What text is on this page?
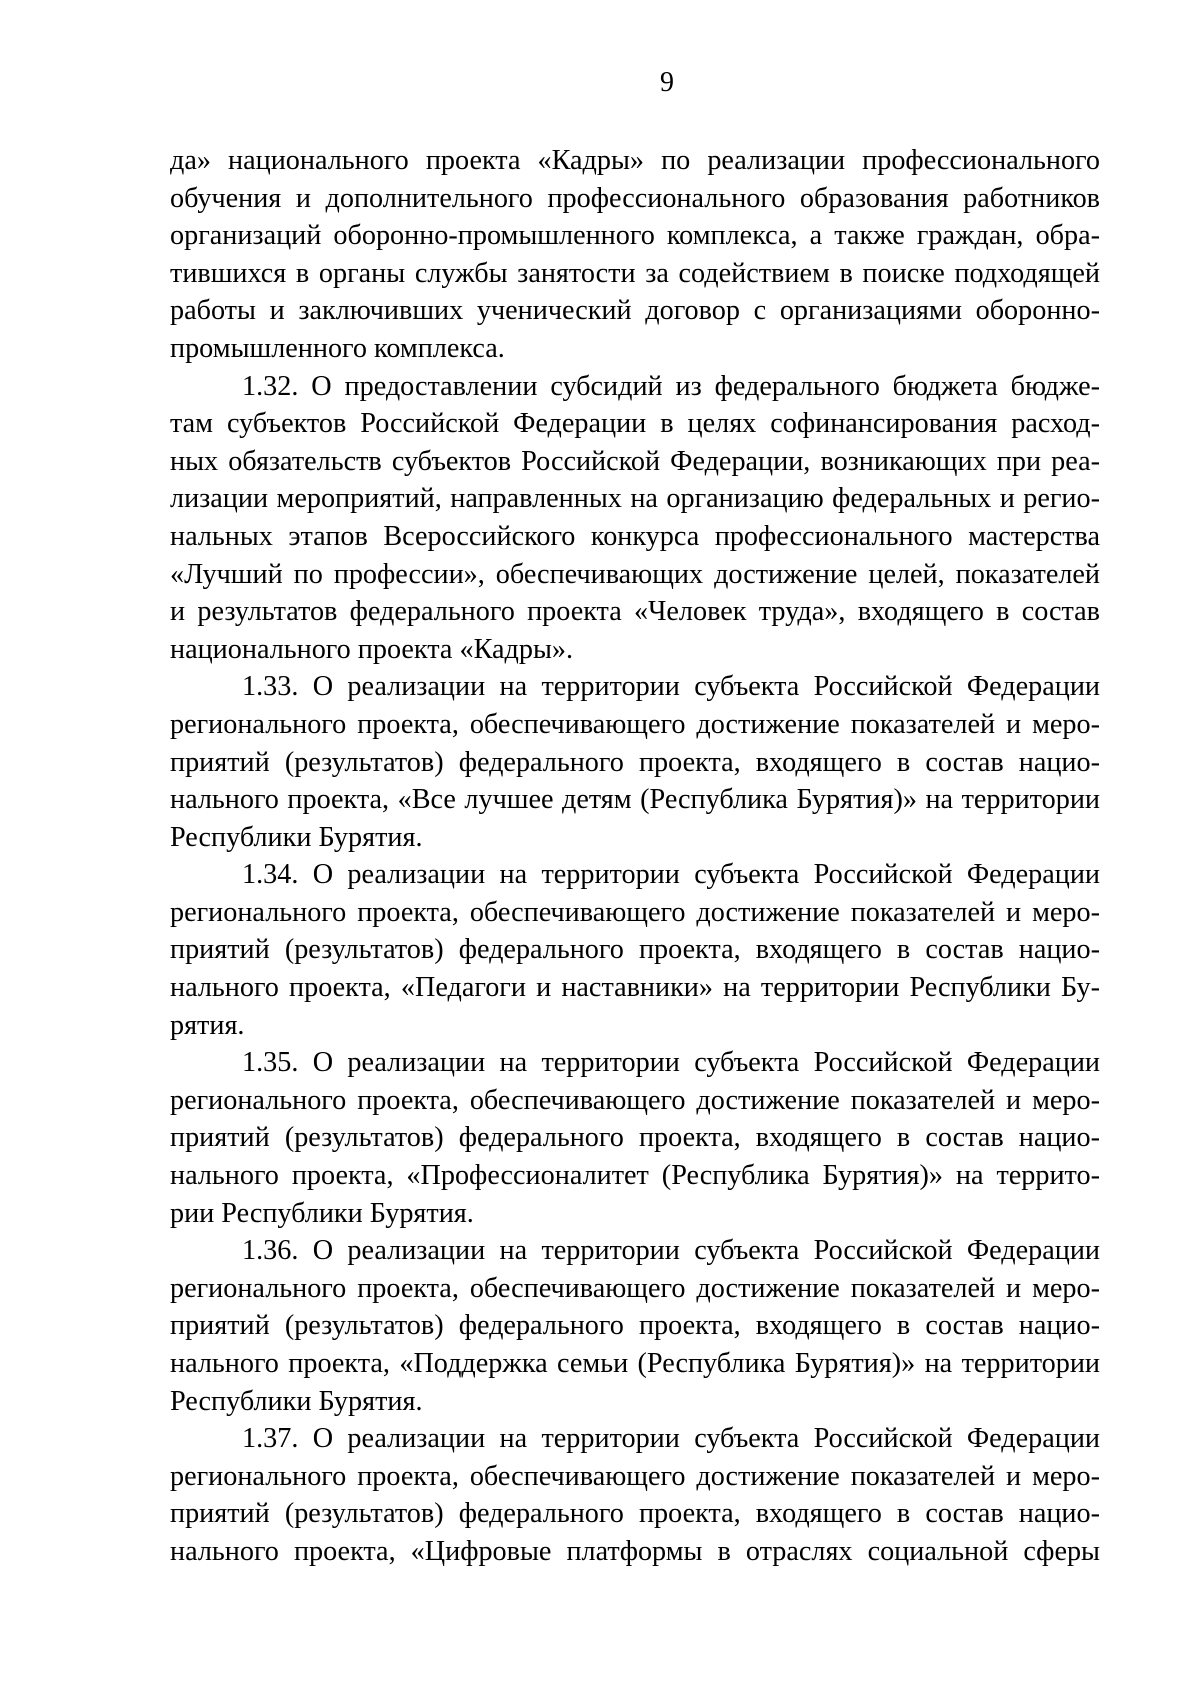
9
да» национального проекта «Кадры» по реализации профессионального
обучения и дополнительного профессионального образования работников
организаций оборонно-промышленного комплекса, а также граждан, обра-
тившихся в органы службы занятости за содействием в поиске подходящей
работы и заключивших ученический договор с организациями оборонно-
промышленного комплекса.
1.32. О предоставлении субсидий из федерального бюджета бюдже-
там субъектов Российской Федерации в целях софинансирования расход-
ных обязательств субъектов Российской Федерации, возникающих при реа-
лизации мероприятий, направленных на организацию федеральных и регио-
нальных этапов Всероссийского конкурса профессионального мастерства
«Лучший по профессии», обеспечивающих достижение целей, показателей
и результатов федерального проекта «Человек труда», входящего в состав
национального проекта «Кадры».
1.33. О реализации на территории субъекта Российской Федерации
регионального проекта, обеспечивающего достижение показателей и меро-
приятий (результатов) федерального проекта, входящего в состав нацио-
нального проекта, «Все лучшее детям (Республика Бурятия)» на территории
Республики Бурятия.
1.34. О реализации на территории субъекта Российской Федерации
регионального проекта, обеспечивающего достижение показателей и меро-
приятий (результатов) федерального проекта, входящего в состав нацио-
нального проекта, «Педагоги и наставники» на территории Республики Бу-
рятия.
1.35. О реализации на территории субъекта Российской Федерации
регионального проекта, обеспечивающего достижение показателей и меро-
приятий (результатов) федерального проекта, входящего в состав нацио-
нального проекта, «Профессионалитет (Республика Бурятия)» на террито-
рии Республики Бурятия.
1.36. О реализации на территории субъекта Российской Федерации
регионального проекта, обеспечивающего достижение показателей и меро-
приятий (результатов) федерального проекта, входящего в состав нацио-
нального проекта, «Поддержка семьи (Республика Бурятия)» на территории
Республики Бурятия.
1.37. О реализации на территории субъекта Российской Федерации
регионального проекта, обеспечивающего достижение показателей и меро-
приятий (результатов) федерального проекта, входящего в состав нацио-
нального проекта, «Цифровые платформы в отраслях социальной сферы
